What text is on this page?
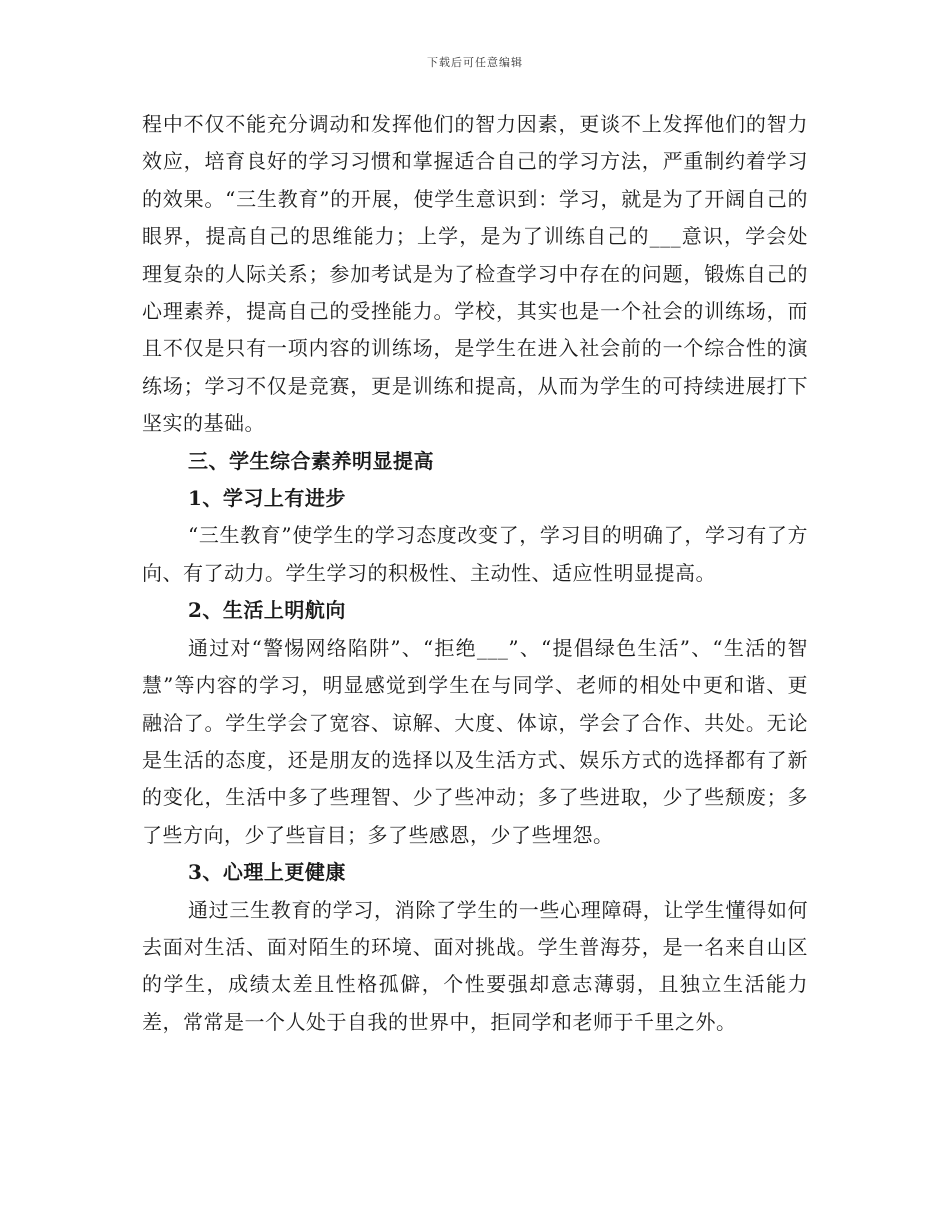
下载后可任意编辑

程中不仅不能充分调动和发挥他们的智力因素，更谈不上发挥他们的智力效应，培育良好的学习习惯和掌握适合自己的学习方法，严重制约着学习的效果。“三生教育”的开展，使学生意识到：学习，就是为了开阔自己的眼界，提高自己的思维能力；上学，是为了训练自己的___意识，学会处理复杂的人际关系；参加考试是为了检查学习中存在的问题，锻炼自己的心理素养，提高自己的受挫能力。学校，其实也是一个社会的训练场，而且不仅是只有一项内容的训练场，是学生在进入社会前的一个综合性的演练场；学习不仅是竞赛，更是训练和提高，从而为学生的可持续进展打下坚实的基础。

三、学生综合素养明显提高

1、学习上有进步

“三生教育”使学生的学习态度改变了，学习目的明确了，学习有了方向、有了动力。学生学习的积极性、主动性、适应性明显提高。

2、生活上明航向

通过对“警惕网络陷阱”、“拒绝___”、“提倡绿色生活”、“生活的智慧”等内容的学习，明显感觉到学生在与同学、老师的相处中更和谐、更融洽了。学生学会了宽容、谅解、大度、体谅，学会了合作、共处。无论是生活的态度，还是朋友的选择以及生活方式、娱乐方式的选择都有了新的变化，生活中多了些理智、少了些冲动；多了些进取，少了些颓废；多了些方向，少了些盲目；多了些感恩，少了些埋怨。

3、心理上更健康

通过三生教育的学习，消除了学生的一些心理障碍，让学生懂得如何去面对生活、面对陌生的环境、面对挑战。学生普海芬，是一名来自山区的学生，成绩太差且性格孤僻，个性要强却意志薄弱，且独立生活能力差，常常是一个人处于自我的世界中，拒同学和老师于千里之外。
